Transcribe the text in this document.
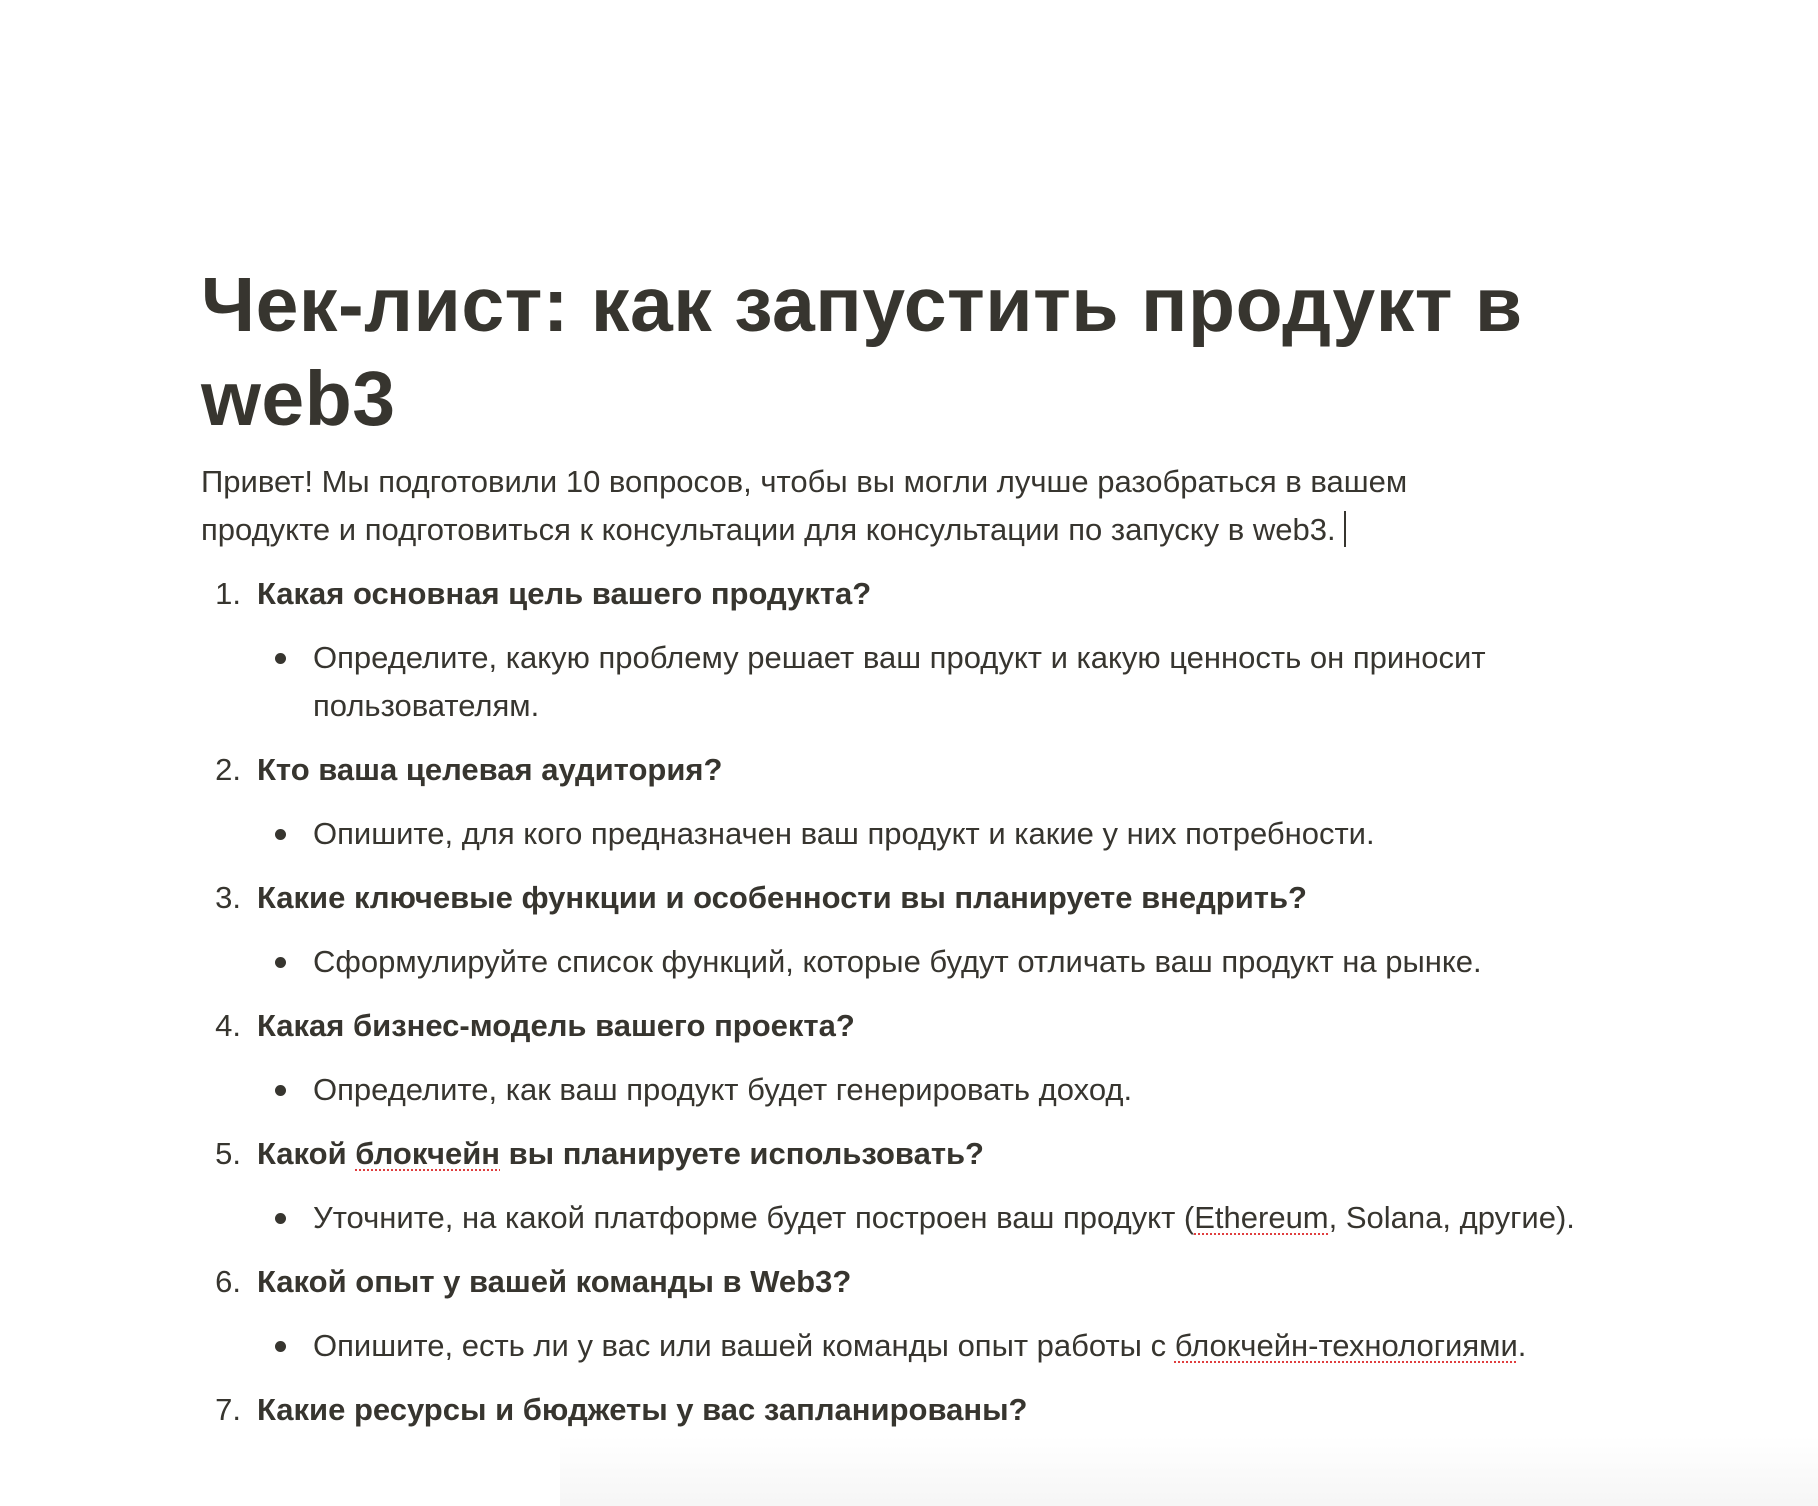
Чек-лист: как запустить продукт в web3

Привет! Мы подготовили 10 вопросов, чтобы вы могли лучше разобраться в вашем продукте и подготовиться к консультации для консультации по запуску в web3.

1. Какая основная цель вашего продукта?
Определите, какую проблему решает ваш продукт и какую ценность он приносит пользователям.
2. Кто ваша целевая аудитория?
Опишите, для кого предназначен ваш продукт и какие у них потребности.
3. Какие ключевые функции и особенности вы планируете внедрить?
Сформулируйте список функций, которые будут отличать ваш продукт на рынке.
4. Какая бизнес-модель вашего проекта?
Определите, как ваш продукт будет генерировать доход.
5. Какой блокчейн вы планируете использовать?
Уточните, на какой платформе будет построен ваш продукт (Ethereum, Solana, другие).
6. Какой опыт у вашей команды в Web3?
Опишите, есть ли у вас или вашей команды опыт работы с блокчейн-технологиями.
7. Какие ресурсы и бюджеты у вас запланированы?
